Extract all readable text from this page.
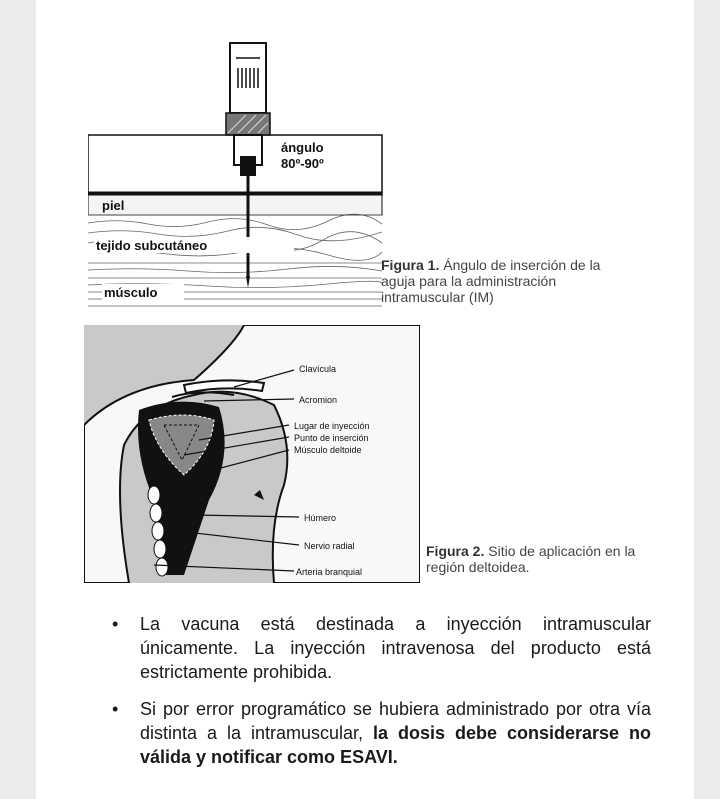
ángulo
80º-90º
piel
tejido subcutáneo
músculo
Figura 1. Ángulo de inserción de la aguja para la administración intramuscular (IM)
Clavícula
Acromion
Lugar de inyección
Punto de inserción
Músculo deltoide
Húmero
Nervio radial
Arteria branquial
Figura 2. Sitio de aplicación en la región deltoidea.
• La vacuna está destinada a inyección intramuscular únicamente. La inyección intravenosa del producto está estrictamente prohibida.
• Si por error programático se hubiera administrado por otra vía distinta a la intramuscular, la dosis debe considerarse no válida y notificar como ESAVI.
